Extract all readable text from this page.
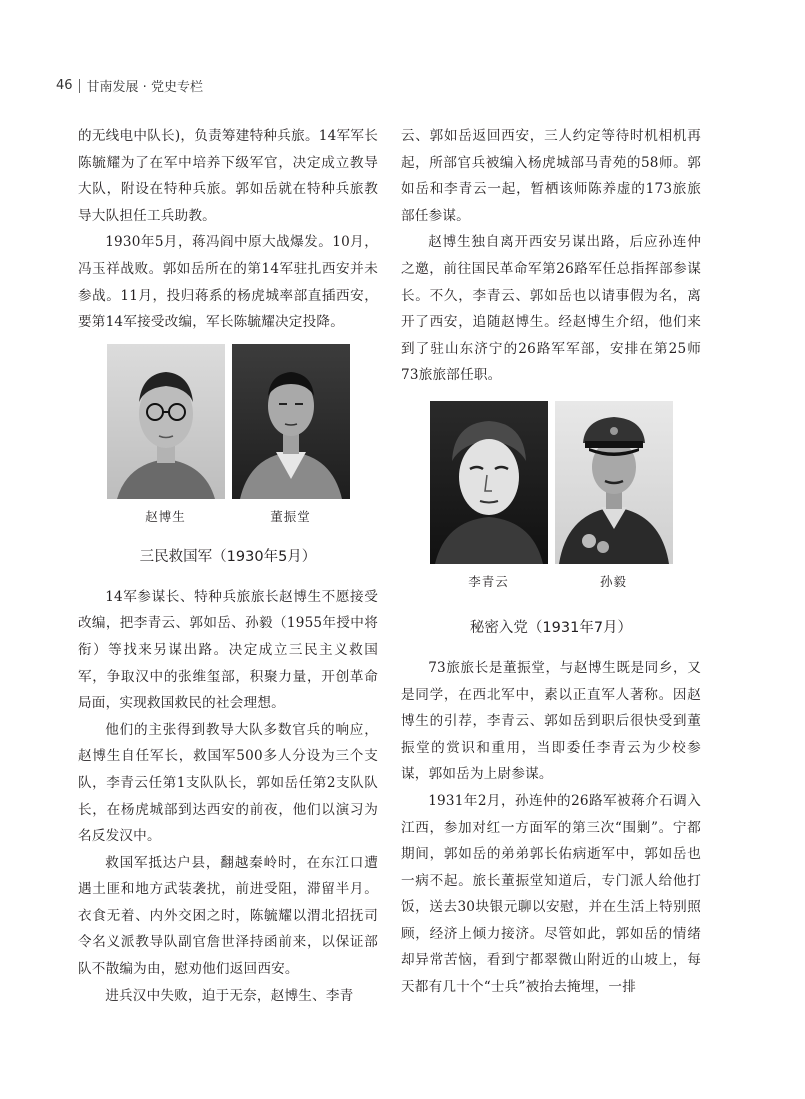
46 甘南发展 · 党史专栏

的无线电中队长)，负责筹建特种兵旅。14军军长陈毓耀为了在军中培养下级军官，决定成立教导大队，附设在特种兵旅。郭如岳就在特种兵旅教导大队担任工兵助教。

1930年5月，蒋冯阎中原大战爆发。10月，冯玉祥战败。郭如岳所在的第14军驻扎西安并未参战。11月，投归蒋系的杨虎城率部直插西安，要第14军接受改编，军长陈毓耀决定投降。

赵博生	董振堂
三民救国军（1930年5月）

14军参谋长、特种兵旅旅长赵博生不愿接受改编，把李青云、郭如岳、孙毅（1955年授中将衔）等找来另谋出路。决定成立三民主义救国军，争取汉中的张维玺部，积聚力量，开创革命局面，实现救国救民的社会理想。

他们的主张得到教导大队多数官兵的响应，赵博生自任军长，救国军500多人分设为三个支队，李青云任第1支队队长，郭如岳任第2支队队长，在杨虎城部到达西安的前夜，他们以演习为名反发汉中。

救国军抵达户县，翻越秦岭时，在东江口遭遇土匪和地方武装袭扰，前进受阻，滞留半月。衣食无着、内外交困之时，陈毓耀以渭北招抚司令名义派教导队副官詹世泽持函前来，以保证部队不散编为由，慰劝他们返回西安。

进兵汉中失败，迫于无奈，赵博生、李青

云、郭如岳返回西安，三人约定等待时机相机再起，所部官兵被编入杨虎城部马青苑的58师。郭如岳和李青云一起，暂栖该师陈养虚的173旅旅部任参谋。

赵博生独自离开西安另谋出路，后应孙连仲之邀，前往国民革命军第26路军任总指挥部参谋长。不久，李青云、郭如岳也以请事假为名，离开了西安，追随赵博生。经赵博生介绍，他们来到了驻山东济宁的26路军军部，安排在第25师73旅旅部任职。

李青云	孙毅
秘密入党（1931年7月）

73旅旅长是董振堂，与赵博生既是同乡，又是同学，在西北军中，素以正直军人著称。因赵博生的引荐，李青云、郭如岳到职后很快受到董振堂的赏识和重用，当即委任李青云为少校参谋，郭如岳为上尉参谋。

1931年2月，孙连仲的26路军被蒋介石调入江西，参加对红一方面军的第三次“围剿”。宁都期间，郭如岳的弟弟郭长佑病逝军中，郭如岳也一病不起。旅长董振堂知道后，专门派人给他打饭，送去30块银元聊以安慰，并在生活上特别照顾，经济上倾力接济。尽管如此，郭如岳的情绪却异常苦恼，看到宁都翠微山附近的山坡上，每天都有几十个“士兵”被抬去掩埋，一排
